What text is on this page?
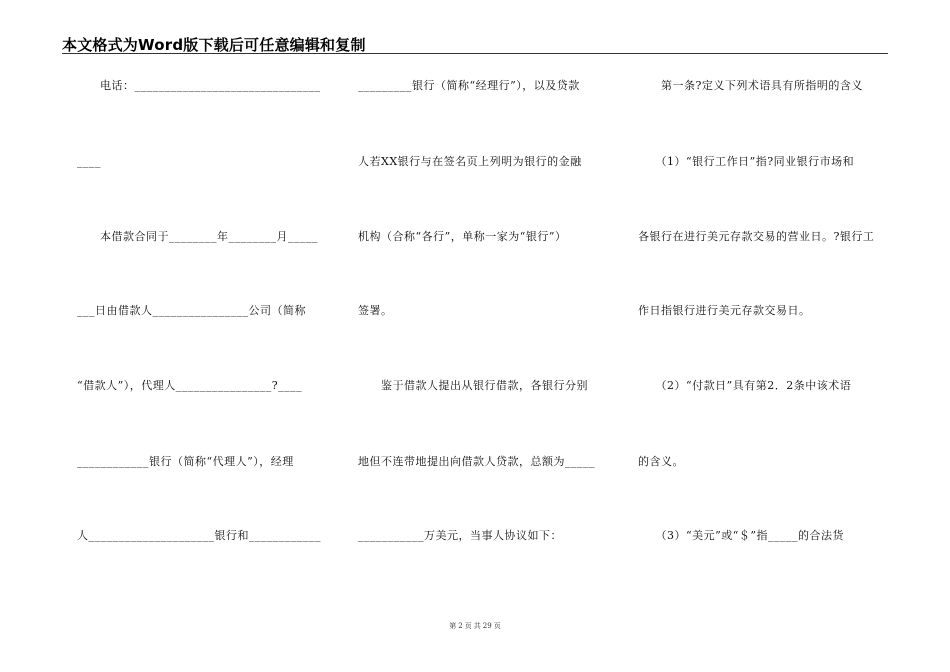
本文格式为Word版下载后可任意编辑和复制
　　电话：_______________________________
____
　　本借款合同于________年________月_____
___日由借款人________________公司（简称
“借款人”），代理人________________?____
____________银行（简称“代理人”），经理
人_____________________银行和____________
_________银行（简称“经理行”），以及贷款
人若XX银行与在签名页上列明为银行的金融
机构（合称“各行”，单称一家为“银行”）
签署。
　　鉴于借款人提出从银行借款，各银行分别
地但不连带地提出向借款人贷款，总额为_____
___________万美元，当事人协议如下：
　　第一条?定义下列术语具有所指明的含义
　　（1）“银行工作日”指?同业银行市场和
各银行在进行美元存款交易的营业日。?银行工
作日指银行进行美元存款交易日。
　　（2）“付款日”具有第2．2条中该术语
的含义。
　　（3）“美元”或“＄”指_____的合法货
第 2 页 共 29 页
